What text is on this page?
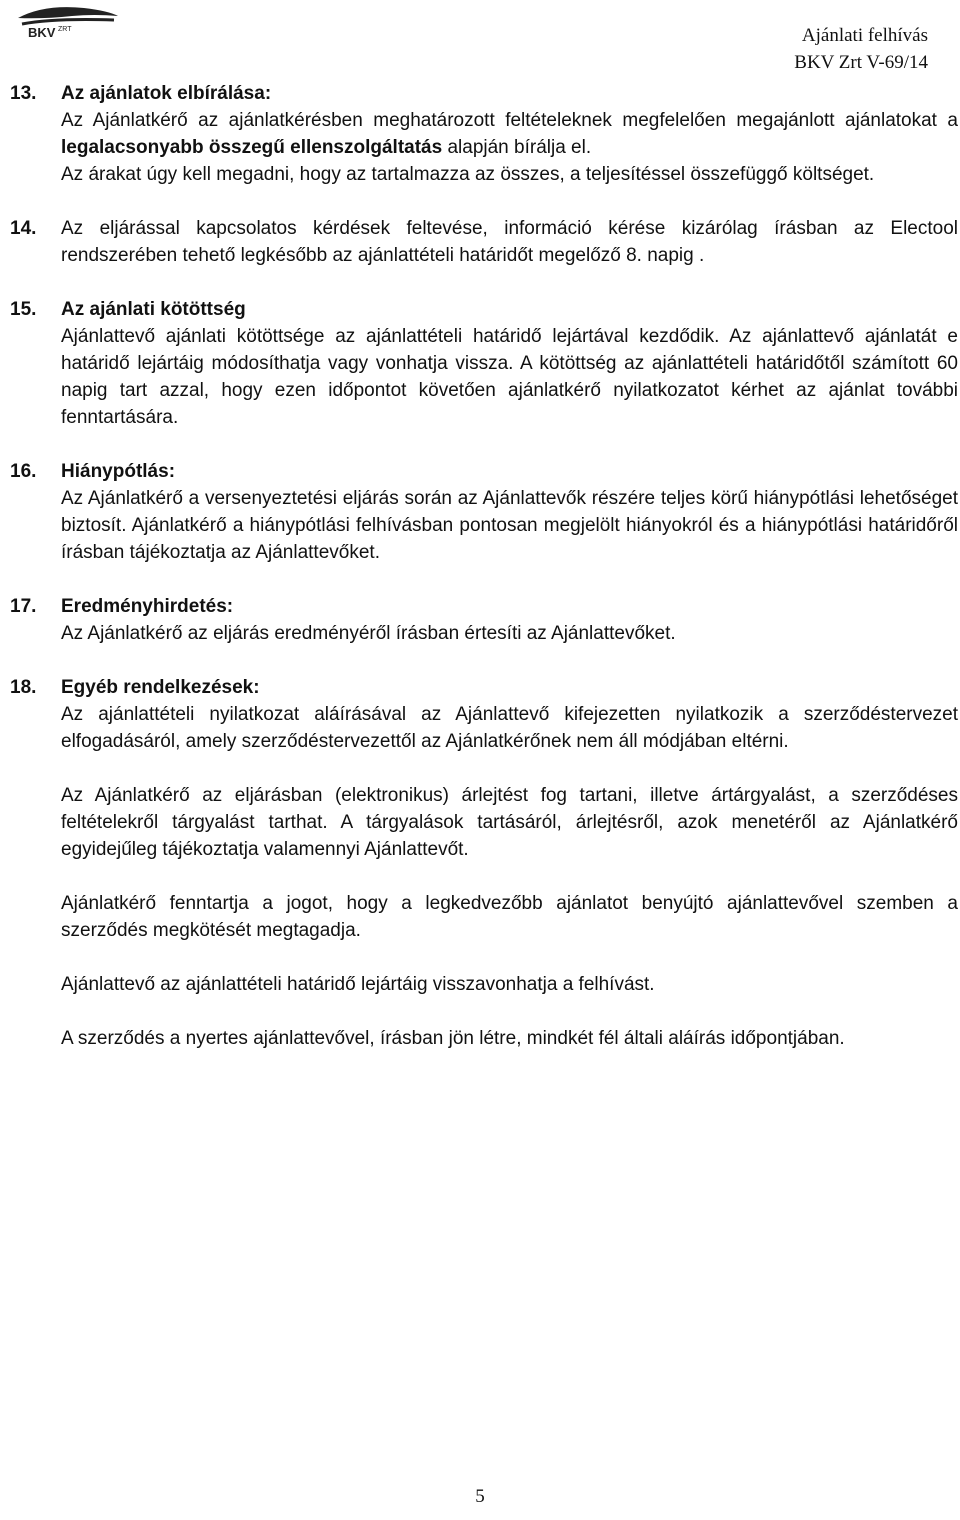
BKV ZRT	Ajánlati felhívás
BKV Zrt V-69/14
13.	Az ajánlatok elbírálása:
Az Ajánlatkérő az ajánlatkérésben meghatározott feltételeknek megfelelően megajánlott ajánlatokat a legalacsonyabb összegű ellenszolgáltatás alapján bírálja el.
Az árakat úgy kell megadni, hogy az tartalmazza az összes, a teljesítéssel összefüggő költséget.
14.	Az eljárással kapcsolatos kérdések feltevése, információ kérése kizárólag írásban az Electool rendszerében tehető legkésőbb az ajánlattételi határidőt megelőző 8. napig .
15.	Az ajánlati kötöttség
Ajánlattevő ajánlati kötöttsége az ajánlattételi határidő lejártával kezdődik. Az ajánlattevő ajánlatát e határidő lejártáig módosíthatja vagy vonhatja vissza. A kötöttség az ajánlattételi határidőtől számított 60 napig tart azzal, hogy ezen időpontot követően ajánlatkérő nyilatkozatot kérhet az ajánlat további fenntartására.
16.	Hiánypótlás:
Az Ajánlatkérő a versenyeztetési eljárás során az Ajánlattevők részére teljes körű hiánypótlási lehetőséget biztosít. Ajánlatkérő a hiánypótlási felhívásban pontosan megjelölt hiányokról és a hiánypótlási határidőről írásban tájékoztatja az Ajánlattevőket.
17.	Eredményhirdetés:
Az Ajánlatkérő az eljárás eredményéről írásban értesíti az Ajánlattevőket.
18.	Egyéb rendelkezések:
Az ajánlattételi nyilatkozat aláírásával az Ajánlattevő kifejezetten nyilatkozik a szerződéstervezet elfogadásáról, amely szerződéstervezettől az Ajánlatkérőnek nem áll módjában eltérni.
Az Ajánlatkérő az eljárásban (elektronikus) árlejtést fog tartani, illetve ártárgyalást, a szerződéses feltételekről tárgyalást tarthat. A tárgyalások tartásáról, árlejtésről, azok menetéről az Ajánlatkérő egyidejűleg tájékoztatja valamennyi Ajánlattevőt.
Ajánlatkérő fenntartja a jogot, hogy a legkedvezőbb ajánlatot benyújtó ajánlattevővel szemben a szerződés megkötését megtagadja.
Ajánlattevő az ajánlattételi határidő lejártáig visszavonhatja a felhívást.
A szerződés a nyertes ajánlattevővel, írásban jön létre, mindkét fél általi aláírás időpontjában.
5
